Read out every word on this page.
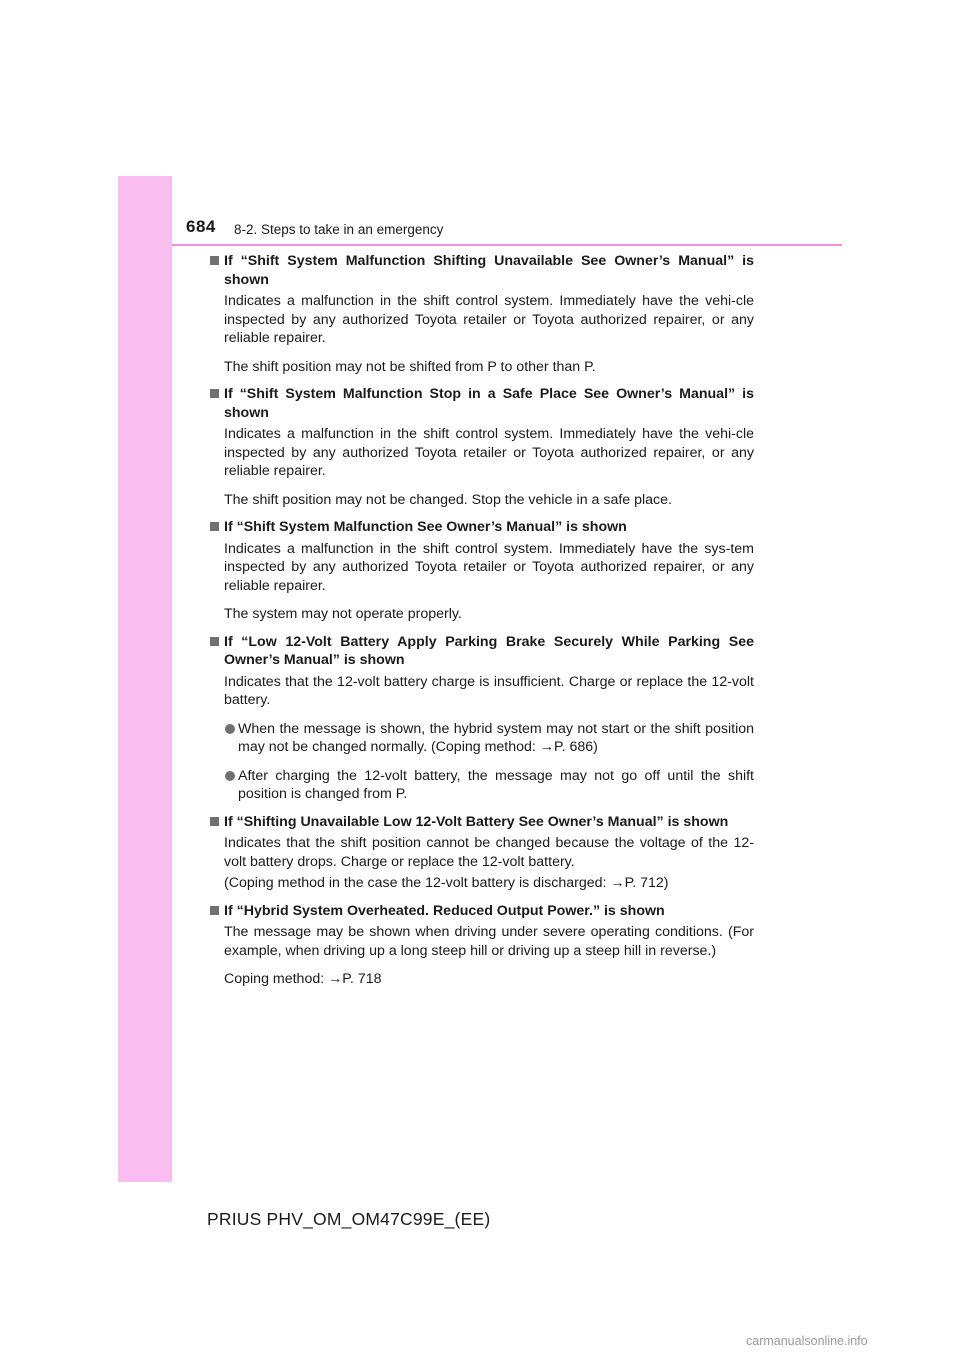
684 8-2. Steps to take in an emergency
If “Shift System Malfunction Shifting Unavailable See Owner’s Manual” is shown
Indicates a malfunction in the shift control system. Immediately have the vehi-cle inspected by any authorized Toyota retailer or Toyota authorized repairer, or any reliable repairer.
The shift position may not be shifted from P to other than P.
If “Shift System Malfunction Stop in a Safe Place See Owner’s Manual” is shown
Indicates a malfunction in the shift control system. Immediately have the vehi-cle inspected by any authorized Toyota retailer or Toyota authorized repairer, or any reliable repairer.
The shift position may not be changed. Stop the vehicle in a safe place.
If “Shift System Malfunction See Owner’s Manual” is shown
Indicates a malfunction in the shift control system. Immediately have the sys-tem inspected by any authorized Toyota retailer or Toyota authorized repairer, or any reliable repairer.
The system may not operate properly.
If “Low 12-Volt Battery Apply Parking Brake Securely While Parking See Owner’s Manual” is shown
Indicates that the 12-volt battery charge is insufficient. Charge or replace the 12-volt battery.
When the message is shown, the hybrid system may not start or the shift position may not be changed normally. (Coping method: →P. 686)
After charging the 12-volt battery, the message may not go off until the shift position is changed from P.
If “Shifting Unavailable Low 12-Volt Battery See Owner’s Manual” is shown
Indicates that the shift position cannot be changed because the voltage of the 12-volt battery drops. Charge or replace the 12-volt battery.
(Coping method in the case the 12-volt battery is discharged: →P. 712)
If “Hybrid System Overheated. Reduced Output Power.” is shown
The message may be shown when driving under severe operating conditions. (For example, when driving up a long steep hill or driving up a steep hill in reverse.)
Coping method: →P. 718
PRIUS PHV_OM_OM47C99E_(EE)
carmanualsonline.info
